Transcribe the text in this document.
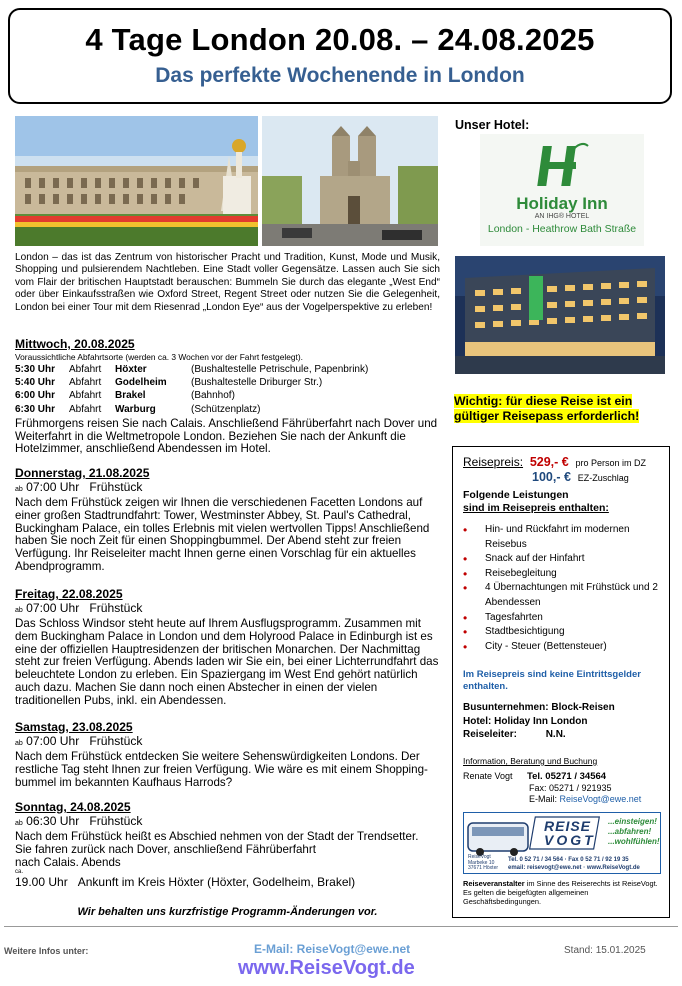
4 Tage London 20.08. – 24.08.2025
Das perfekte Wochenende in London

London – das ist das Zentrum von historischer Pracht und Tradition, Kunst, Mode und Musik, Shopping und pulsierendem Nachtleben. Eine Stadt voller Gegensätze. Lassen auch Sie sich vom Flair der britischen Hauptstadt berauschen: Bummeln Sie durch das elegante „West End“ oder über Einkaufsstraßen wie Oxford Street, Regent Street oder nutzen Sie die Gelegenheit, London bei einer Tour mit dem Riesenrad „London Eye“ aus der Vogelperspektive zu erleben!

Mittwoch, 20.08.2025

Voraussichtliche Abfahrtsorte (werden ca. 3 Wochen vor der Fahrt festgelegt).

5:30 Uhr	Abfahrt	Höxter	(Bushaltestelle Petrischule, Papenbrink)
5:40 Uhr	Abfahrt	Godelheim	(Bushaltestelle Driburger Str.)
6:00 Uhr	Abfahrt	Brakel	(Bahnhof)
6:30 Uhr	Abfahrt	Warburg	(Schützenplatz)

Frühmorgens reisen Sie nach Calais. Anschließend Fährüberfahrt nach Dover und Weiterfahrt in die Weltmetropole London. Beziehen Sie nach der Ankunft die Hotelzimmer, anschließend Abendessen im Hotel.

Donnerstag, 21.08.2025

ab 07:00 Uhr Frühstück

Nach dem Frühstück zeigen wir Ihnen die verschiedenen Facetten Londons auf einer großen Stadtrundfahrt: Tower, Westminster Abbey, St. Paul's Cathedral, Buckingham Palace, ein tolles Erlebnis mit vielen wertvollen Tipps! Anschließend haben Sie noch Zeit für einen Shoppingbummel. Der Abend steht zur freien Verfügung. Ihr Reiseleiter macht Ihnen gerne einen Vorschlag für ein aktuelles Abendprogramm.

Freitag, 22.08.2025

ab 07:00 Uhr Frühstück

Das Schloss Windsor steht heute auf Ihrem Ausflugsprogramm. Zusammen mit dem Buckingham Palace in London und dem Holyrood Palace in Edinburgh ist es eine der offiziellen Hauptresidenzen der britischen Monarchen. Der Nachmittag steht zur freien Verfügung. Abends laden wir Sie ein, bei einer Lichterrundfahrt das beleuchtete London zu erleben. Ein Spaziergang im West End gehört natürlich auch dazu. Machen Sie dann noch einen Abstecher in einen der vielen traditionellen Pubs, inkl. ein Abendessen.

Samstag, 23.08.2025

ab 07:00 Uhr Frühstück

Nach dem Frühstück entdecken Sie weitere Sehenswürdigkeiten Londons. Der restliche Tag steht Ihnen zur freien Verfügung. Wie wäre es mit einem Shopping-bummel im bekannten Kaufhaus Harrods?

Sonntag, 24.08.2025

ab 06:30 Uhr Frühstück

Nach dem Frühstück heißt es Abschied nehmen von der Stadt der Trendsetter.

Sie fahren zurück nach Dover, anschließend Fährüberfahrt

nach Calais. Abends

ca.

19.00 Uhr Ankunft im Kreis Höxter (Höxter, Godelheim, Brakel)

Wir behalten uns kurzfristige Programm-Änderungen vor.
Unser Hotel:
Holiday Inn
AN IHG® HOTEL
London - Heathrow Bath Straße
Wichtig: für diese Reise ist ein gültiger Reisepass erforderlich!
Reisepreis: 529,- € pro Person im DZ
100,- € EZ-Zuschlag
Folgende Leistungen
sind im Reisepreis enthalten:
• Hin- und Rückfahrt im modernen Reisebus
• Snack auf der Hinfahrt
• Reisebegleitung
• 4 Übernachtungen mit Frühstück und 2 Abendessen
• Tagesfahrten
• Stadtbesichtigung
• City - Steuer (Bettensteuer)
Im Reisepreis sind keine Eintrittsgelder enthalten.
Busunternehmen: Block-Reisen
Hotel: Holiday Inn London
Reiseleiter:	N.N.
Information, Beratung und Buchung
Renate Vogt Tel. 05271 / 34564
Fax: 05271 / 921935
E-Mail: ReiseVogt@ewe.net
REISE
VOGT
...einsteigen!
...abfahren!
...wohlfühlen!
ReiseVogt
Marbeke 10
37671 Höxter
Tel. 0 52 71 / 34 564 · Fax 0 52 71 / 92 19 35
email: reisevogt@ewe.net · www.ReiseVogt.de
Reiseveranstalter im Sinne des Reiserechts ist ReiseVogt. Es gelten die beigefügten allgemeinen Geschäftsbedingungen.
Weitere Infos unter:	E-Mail: ReiseVogt@ewe.net
www.ReiseVogt.de
Stand: 15.01.2025
